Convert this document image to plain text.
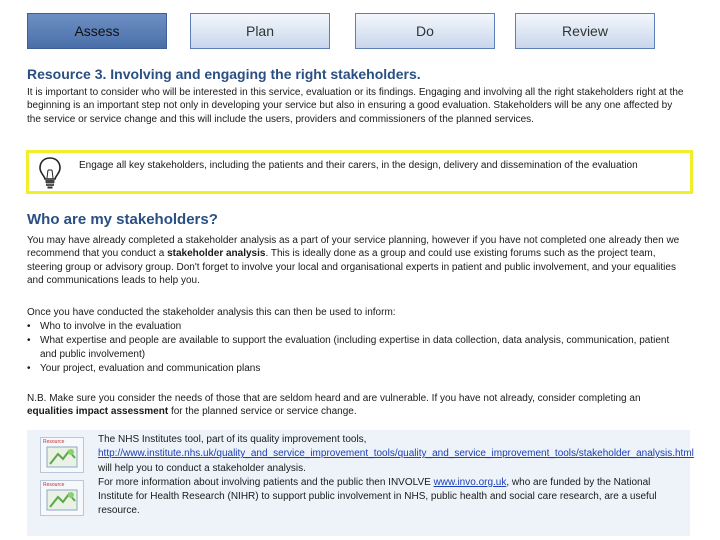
Assess	Plan	Do	Review
Resource 3. Involving and engaging the right stakeholders.

It is important to consider who will be interested in this service, evaluation or its findings. Engaging and involving all the right stakeholders right at the beginning is an important step not only in developing your service but also in ensuring a good evaluation. Stakeholders will be any one affected by the service or service change and this will include the users, providers and commissioners of the planned services.

Engage all key stakeholders, including the patients and their carers, in the design, delivery and dissemination of the evaluation
Who are my stakeholders?

You may have already completed a stakeholder analysis as a part of your service planning, however if you have not completed one already then we recommend that you conduct a stakeholder analysis. This is ideally done as a group and could use existing forums such as the project team, steering group or advisory group. Don't forget to involve your local and organisational experts in patient and public involvement, and your equalities and communications leads to help you.

Once you have conducted the stakeholder analysis this can then be used to inform:

• Who to involve in the evaluation
• What expertise and people are available to support the evaluation (including expertise in data collection, data analysis, communication, patient and public involvement)
• Your project, evaluation and communication plans

N.B. Make sure you consider the needs of those that are seldom heard and are vulnerable. If you have not already, consider completing an equalities impact assessment for the planned service or service change.

Resource
Resource
The NHS Institutes tool, part of its quality improvement tools, http://www.institute.nhs.uk/quality_and_service_improvement_tools/quality_and_service_improvement_tools/stakeholder_analysis.html will help you to conduct a stakeholder analysis.
For more information about involving patients and the public then INVOLVE www.invo.org.uk, who are funded by the National Institute for Health Research (NIHR) to support public involvement in NHS, public health and social care research, are a useful resource.
